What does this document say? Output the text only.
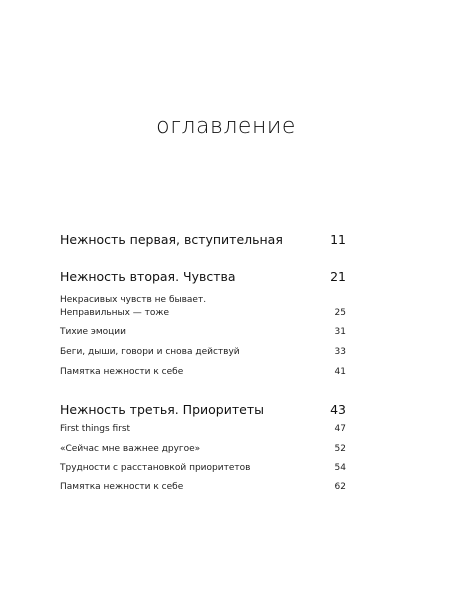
оглавление
Нежность первая, вступительная	11
Нежность вторая. Чувства	21
Некрасивых чувств не бывает.
Неправильных — тоже	25
Тихие эмоции	31
Беги, дыши, говори и снова действуй	33
Памятка нежности к себе	41
Нежность третья. Приоритеты	43
First things first	47
«Сейчас мне важнее другое»	52
Трудности с расстановкой приоритетов	54
Памятка нежности к себе	62
